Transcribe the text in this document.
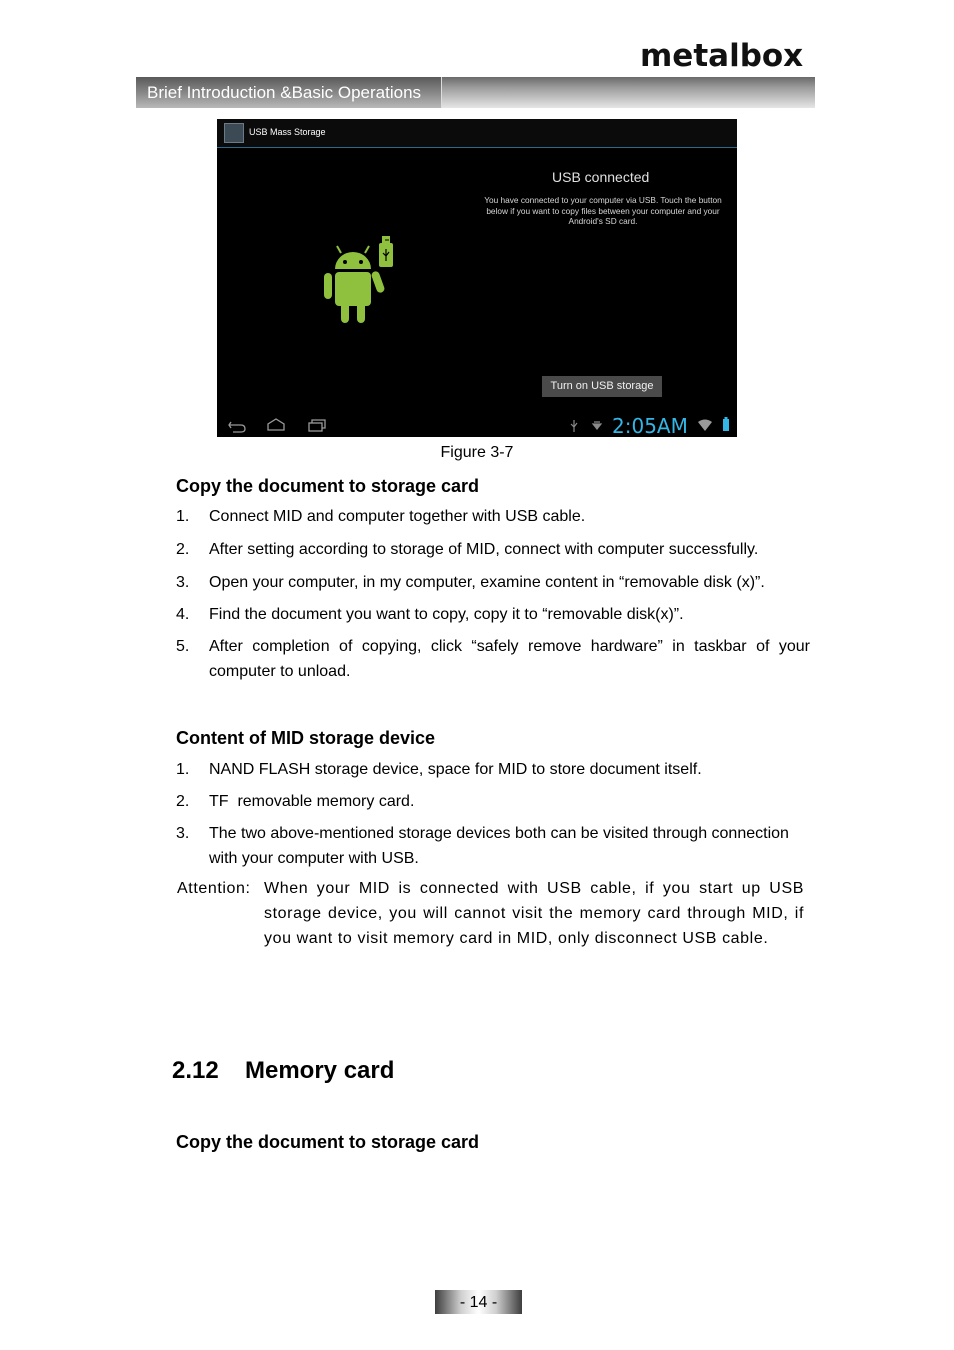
metalbox
Brief Introduction &Basic Operations
USB Mass Storage
USB connected
You have connected to your computer via USB. Touch the button below if you want to copy files between your computer and your Android's SD card.
Turn on USB storage
2:05AM
Figure 3-7
Copy the document to storage card
1. Connect MID and computer together with USB cable.
2. After setting according to storage of MID, connect with computer successfully.
3. Open your computer, in my computer, examine content in “removable disk (x)”.
4. Find the document you want to copy, copy it to “removable disk(x)”.
5. After completion of copying, click “safely remove hardware” in taskbar of your computer to unload.
Content of MID storage device
1. NAND FLASH storage device, space for MID to store document itself.
2. TF  removable memory card.
3. The two above-mentioned storage devices both can be visited through connection with your computer with USB.
Attention: When your MID is connected with USB cable, if you start up USB storage device, you will cannot visit the memory card through MID, if you want to visit memory card in MID, only disconnect USB cable.
2.12 Memory card
Copy the document to storage card
- 14 -
